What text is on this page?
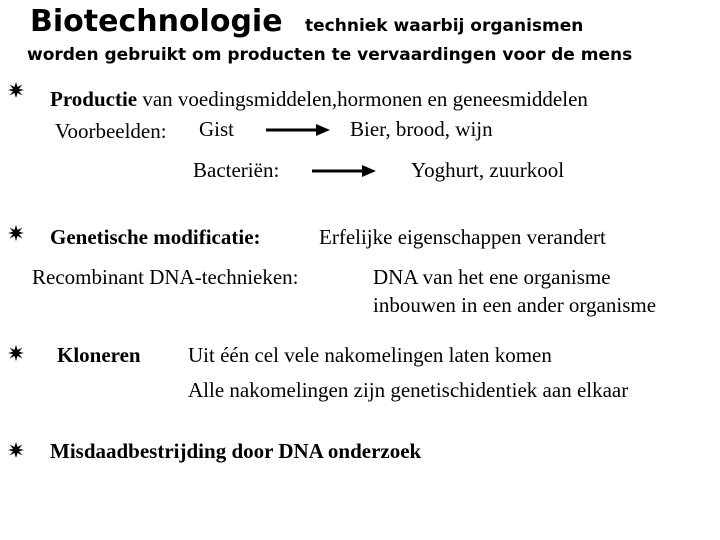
Biotechnologie techniek waarbij organismen
worden gebruikt om producten te vervaardingen voor de mens
Productie van voedingsmiddelen,hormonen en geneesmiddelen
Voorbeelden: Gist	Bier, brood, wijn
Bacteriën:	Yoghurt, zuurkool
Genetische modificatie:	Erfelijke eigenschappen verandert
Recombinant DNA-technieken:	DNA van het ene organisme
inbouwen in een ander organisme
Kloneren Uit één cel vele nakomelingen laten komen
Alle nakomelingen zijn genetischidentiek aan elkaar
Misdaadbestrijding door DNA onderzoek
